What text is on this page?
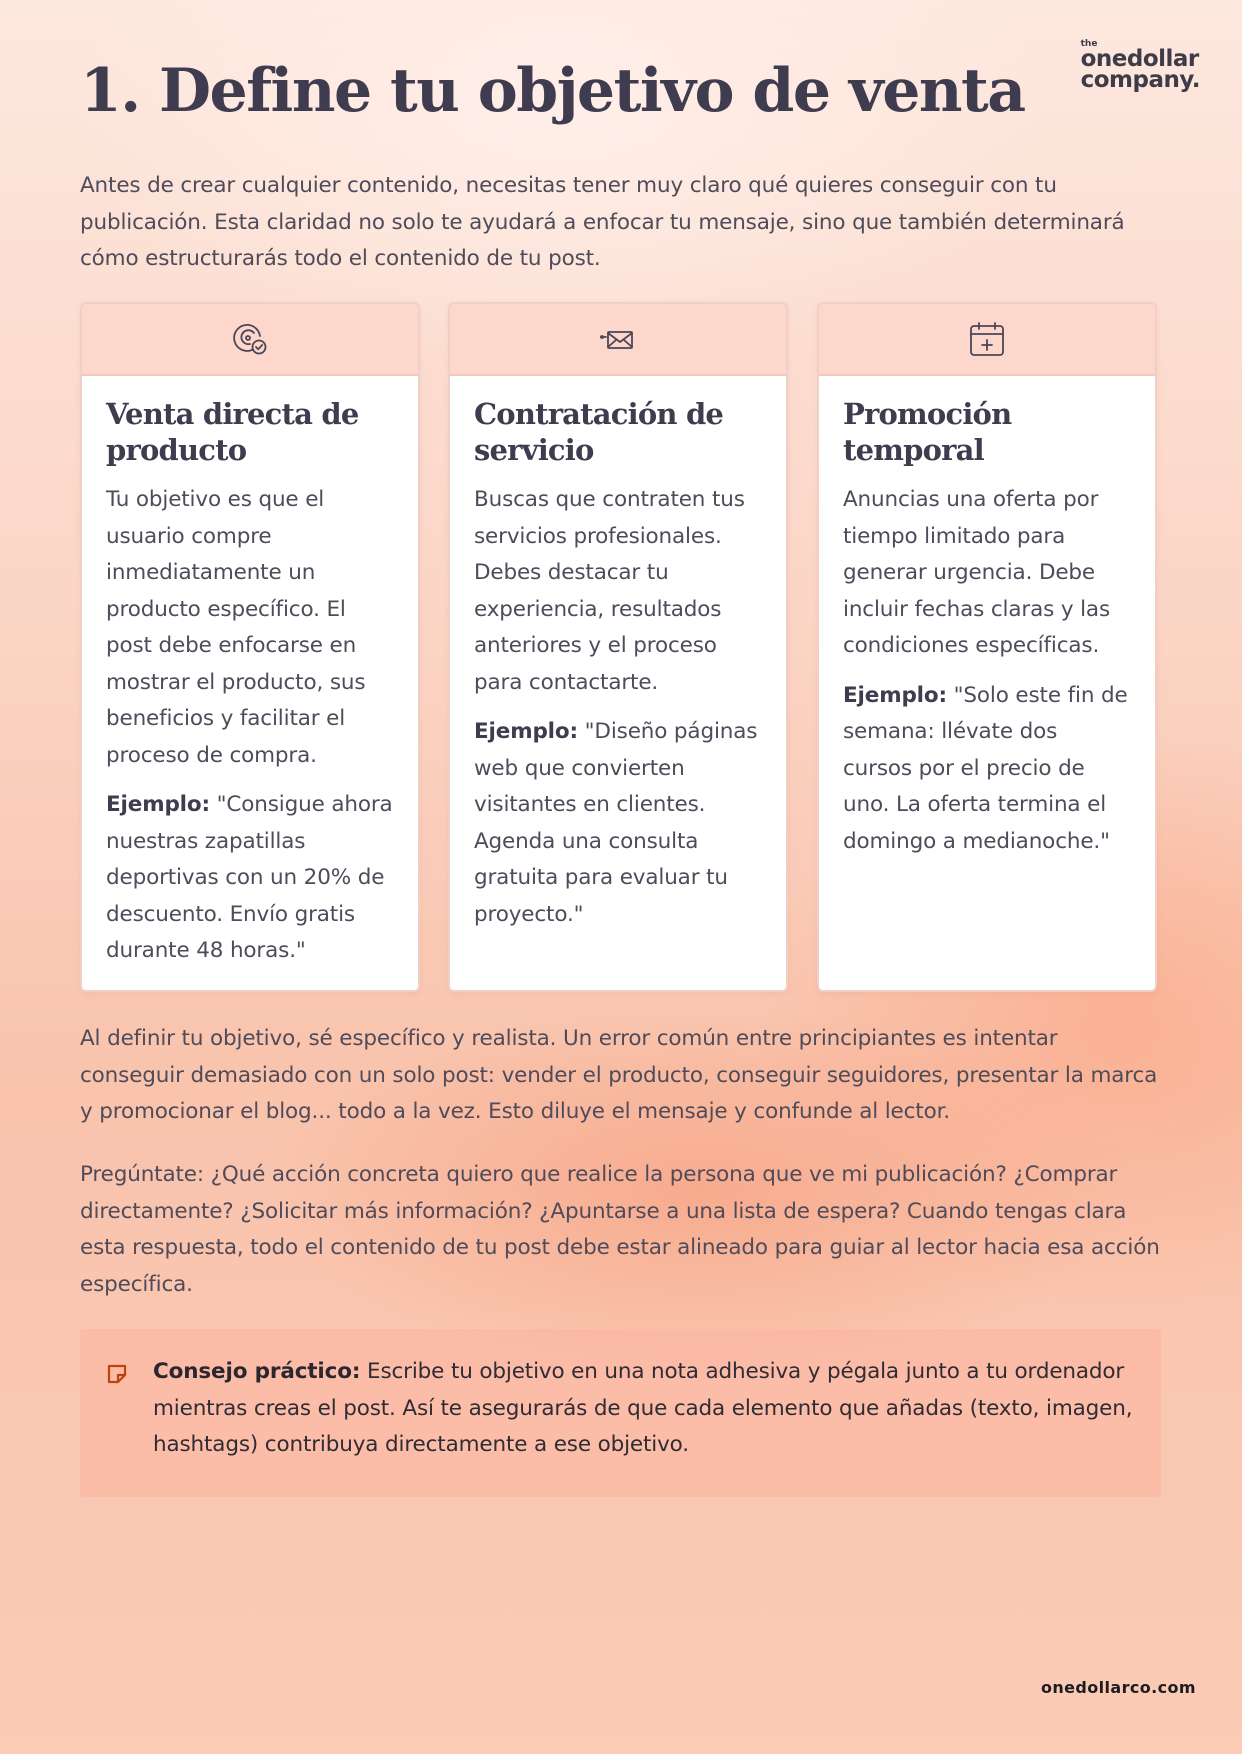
the
onedollar
company.
1. Define tu objetivo de venta

Antes de crear cualquier contenido, necesitas tener muy claro qué quieres conseguir con tu publicación. Esta claridad no solo te ayudará a enfocar tu mensaje, sino que también determinará cómo estructurarás todo el contenido de tu post.

Venta directa de producto

Tu objetivo es que el usuario compre inmediatamente un producto específico. El post debe enfocarse en mostrar el producto, sus beneficios y facilitar el proceso de compra.

Ejemplo: "Consigue ahora nuestras zapatillas deportivas con un 20% de descuento. Envío gratis durante 48 horas."

Contratación de servicio

Buscas que contraten tus servicios profesionales. Debes destacar tu experiencia, resultados anteriores y el proceso para contactarte.

Ejemplo: "Diseño páginas web que convierten visitantes en clientes. Agenda una consulta gratuita para evaluar tu proyecto."

Promoción temporal

Anuncias una oferta por tiempo limitado para generar urgencia. Debe incluir fechas claras y las condiciones específicas.

Ejemplo: "Solo este fin de semana: llévate dos cursos por el precio de uno. La oferta termina el domingo a medianoche."

Al definir tu objetivo, sé específico y realista. Un error común entre principiantes es intentar conseguir demasiado con un solo post: vender el producto, conseguir seguidores, presentar la marca y promocionar el blog... todo a la vez. Esto diluye el mensaje y confunde al lector.

Pregúntate: ¿Qué acción concreta quiero que realice la persona que ve mi publicación? ¿Comprar directamente? ¿Solicitar más información? ¿Apuntarse a una lista de espera? Cuando tengas clara esta respuesta, todo el contenido de tu post debe estar alineado para guiar al lector hacia esa acción específica.

Consejo práctico: Escribe tu objetivo en una nota adhesiva y pégala junto a tu ordenador mientras creas el post. Así te asegurarás de que cada elemento que añadas (texto, imagen, hashtags) contribuya directamente a ese objetivo.

onedollarco.com
